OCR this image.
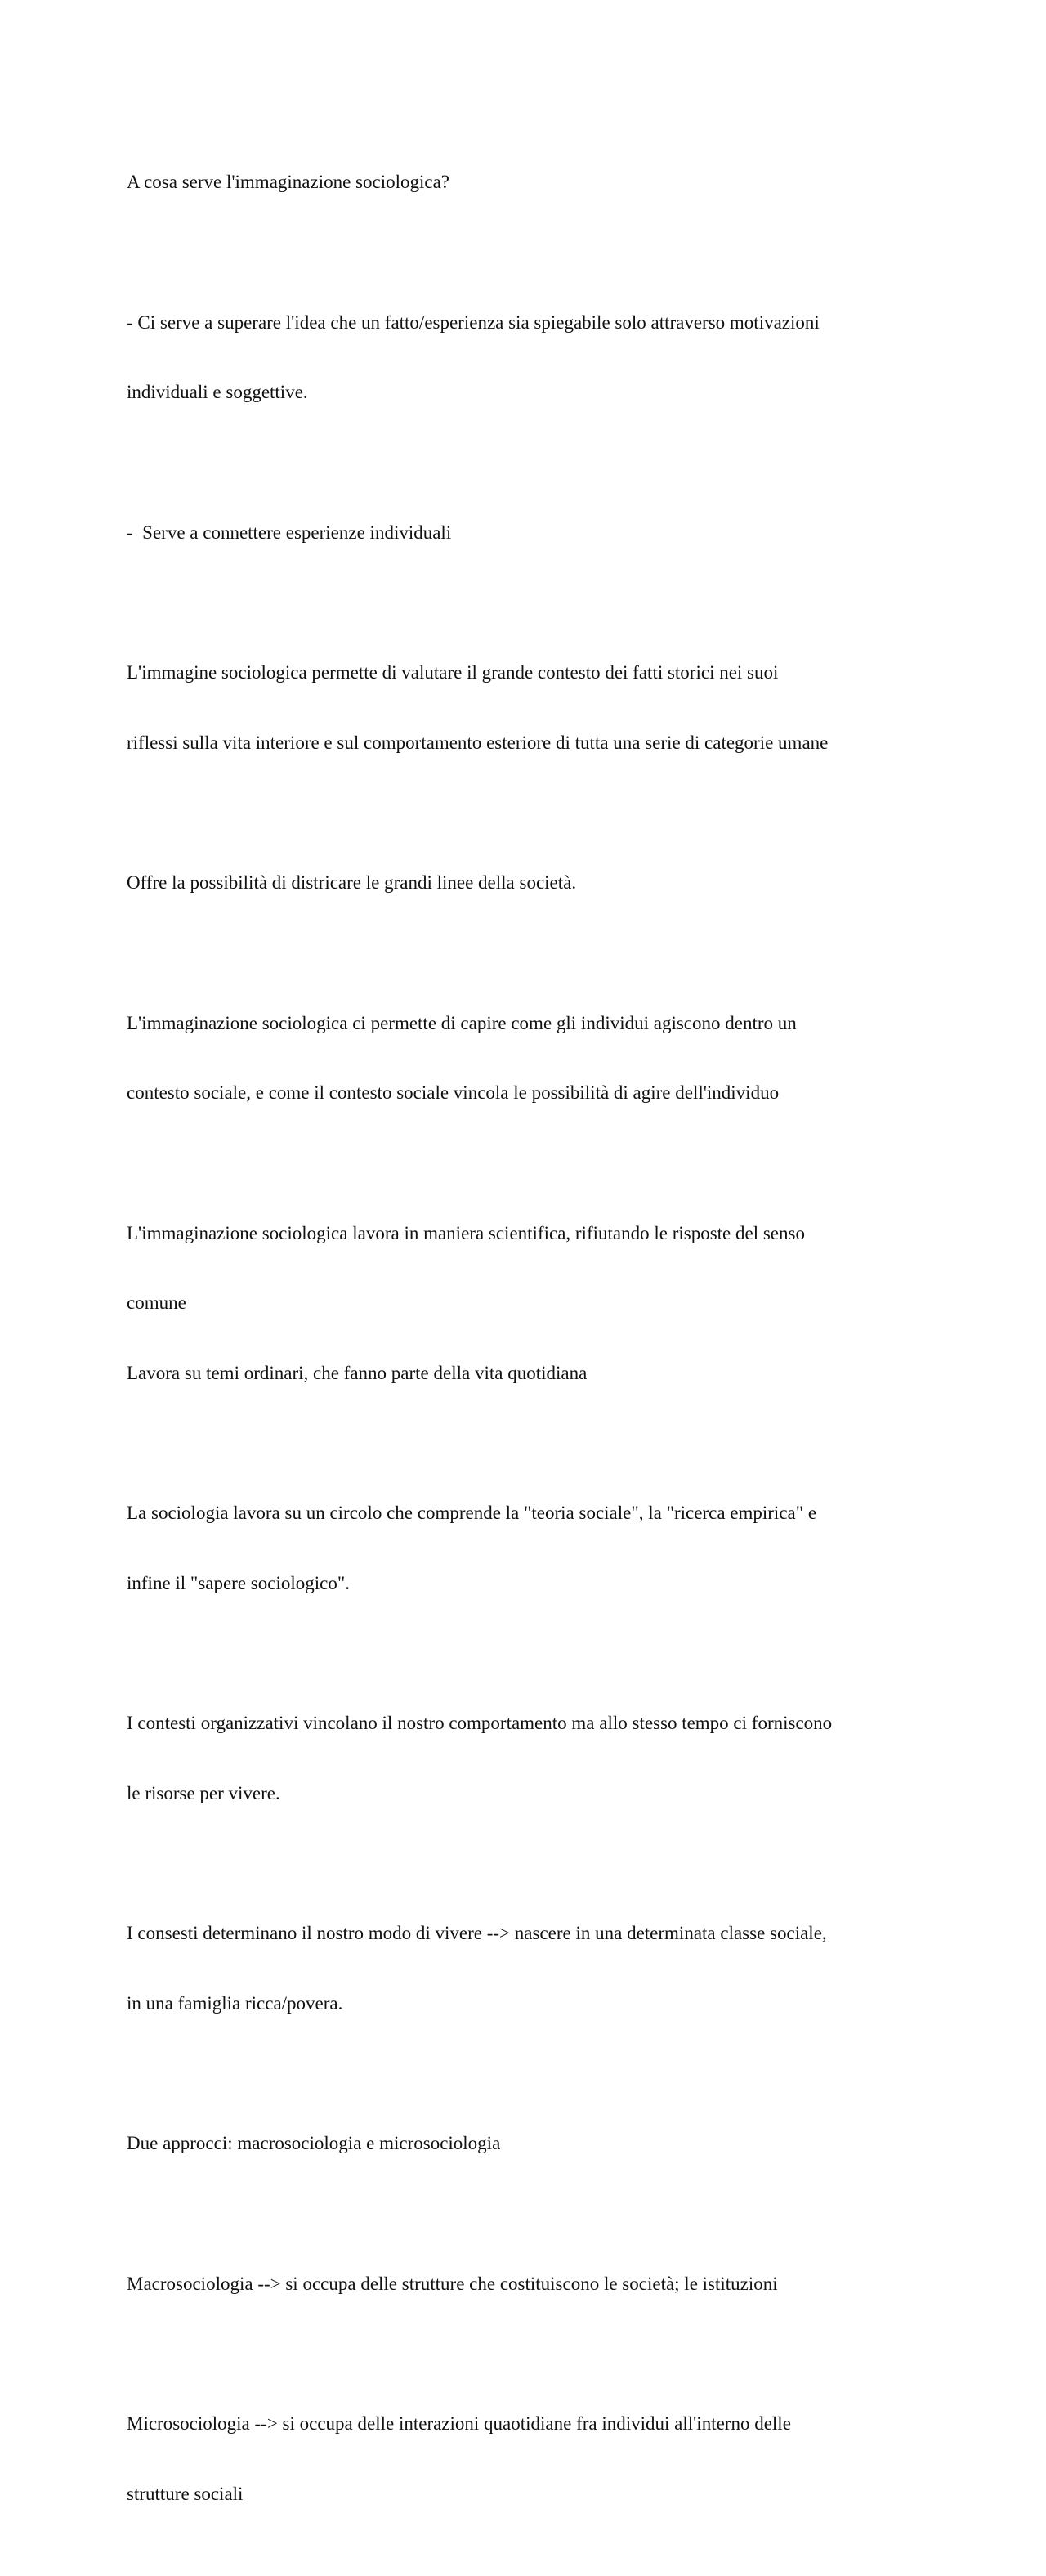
A cosa serve l'immaginazione sociologica?

- Ci serve a superare l'idea che un fatto/esperienza sia spiegabile solo attraverso motivazioni

individuali e soggettive.

-  Serve a connettere esperienze individuali

L'immagine sociologica permette di valutare il grande contesto dei fatti storici nei suoi

riflessi sulla vita interiore e sul comportamento esteriore di tutta una serie di categorie umane

Offre la possibilità di districare le grandi linee della società.

L'immaginazione sociologica ci permette di capire come gli individui agiscono dentro un

contesto sociale, e come il contesto sociale vincola le possibilità di agire dell'individuo

L'immaginazione sociologica lavora in maniera scientifica, rifiutando le risposte del senso

comune

Lavora su temi ordinari, che fanno parte della vita quotidiana

La sociologia lavora su un circolo che comprende la "teoria sociale", la "ricerca empirica" e

infine il "sapere sociologico".

I contesti organizzativi vincolano il nostro comportamento ma allo stesso tempo ci forniscono

le risorse per vivere.

I consesti determinano il nostro modo di vivere --> nascere in una determinata classe sociale,

in una famiglia ricca/povera.

Due approcci: macrosociologia e microsociologia

Macrosociologia --> si occupa delle strutture che costituiscono le società; le istituzioni

Microsociologia --> si occupa delle interazioni quaotidiane fra individui all'interno delle

strutture sociali
